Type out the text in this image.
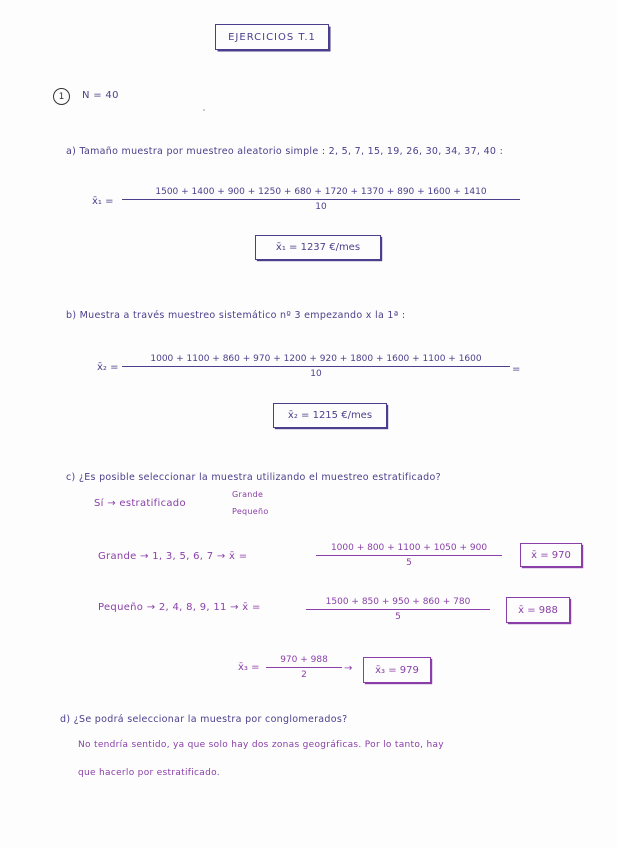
EJERCICIOS T.1
1	N = 40
a) Tamaño muestra por muestreo aleatorio simple : 2, 5, 7, 15, 19, 26, 30, 34, 37, 40 :
x̄₁ =
1500 + 1400 + 900 + 1250 + 680 + 1720 + 1370 + 890 + 1600 + 1410
10
x̄₁ = 1237 €/mes
b) Muestra a través muestreo sistemático nº 3 empezando x la 1ª :
x̄₂ =
1000 + 1100 + 860 + 970 + 1200 + 920 + 1800 + 1600 + 1100 + 1600
10	=
x̄₂ = 1215 €/mes
c) ¿Es posible seleccionar la muestra utilizando el muestreo estratificado?
Sí → estratificado
Grande
Pequeño
Grande → 1, 3, 5, 6, 7 → x̄ =
1000 + 800 + 1100 + 1050 + 900
5
x̄ = 970
Pequeño → 2, 4, 8, 9, 11 → x̄ =	1500 + 850 + 950 + 860 + 780
5
x̄ = 988
x̄₃ =
970 + 988
2
→	x̄₃ = 979
d) ¿Se podrá seleccionar la muestra por conglomerados?
No tendría sentido, ya que solo hay dos zonas geográficas. Por lo tanto, hay
que hacerlo por estratificado.
